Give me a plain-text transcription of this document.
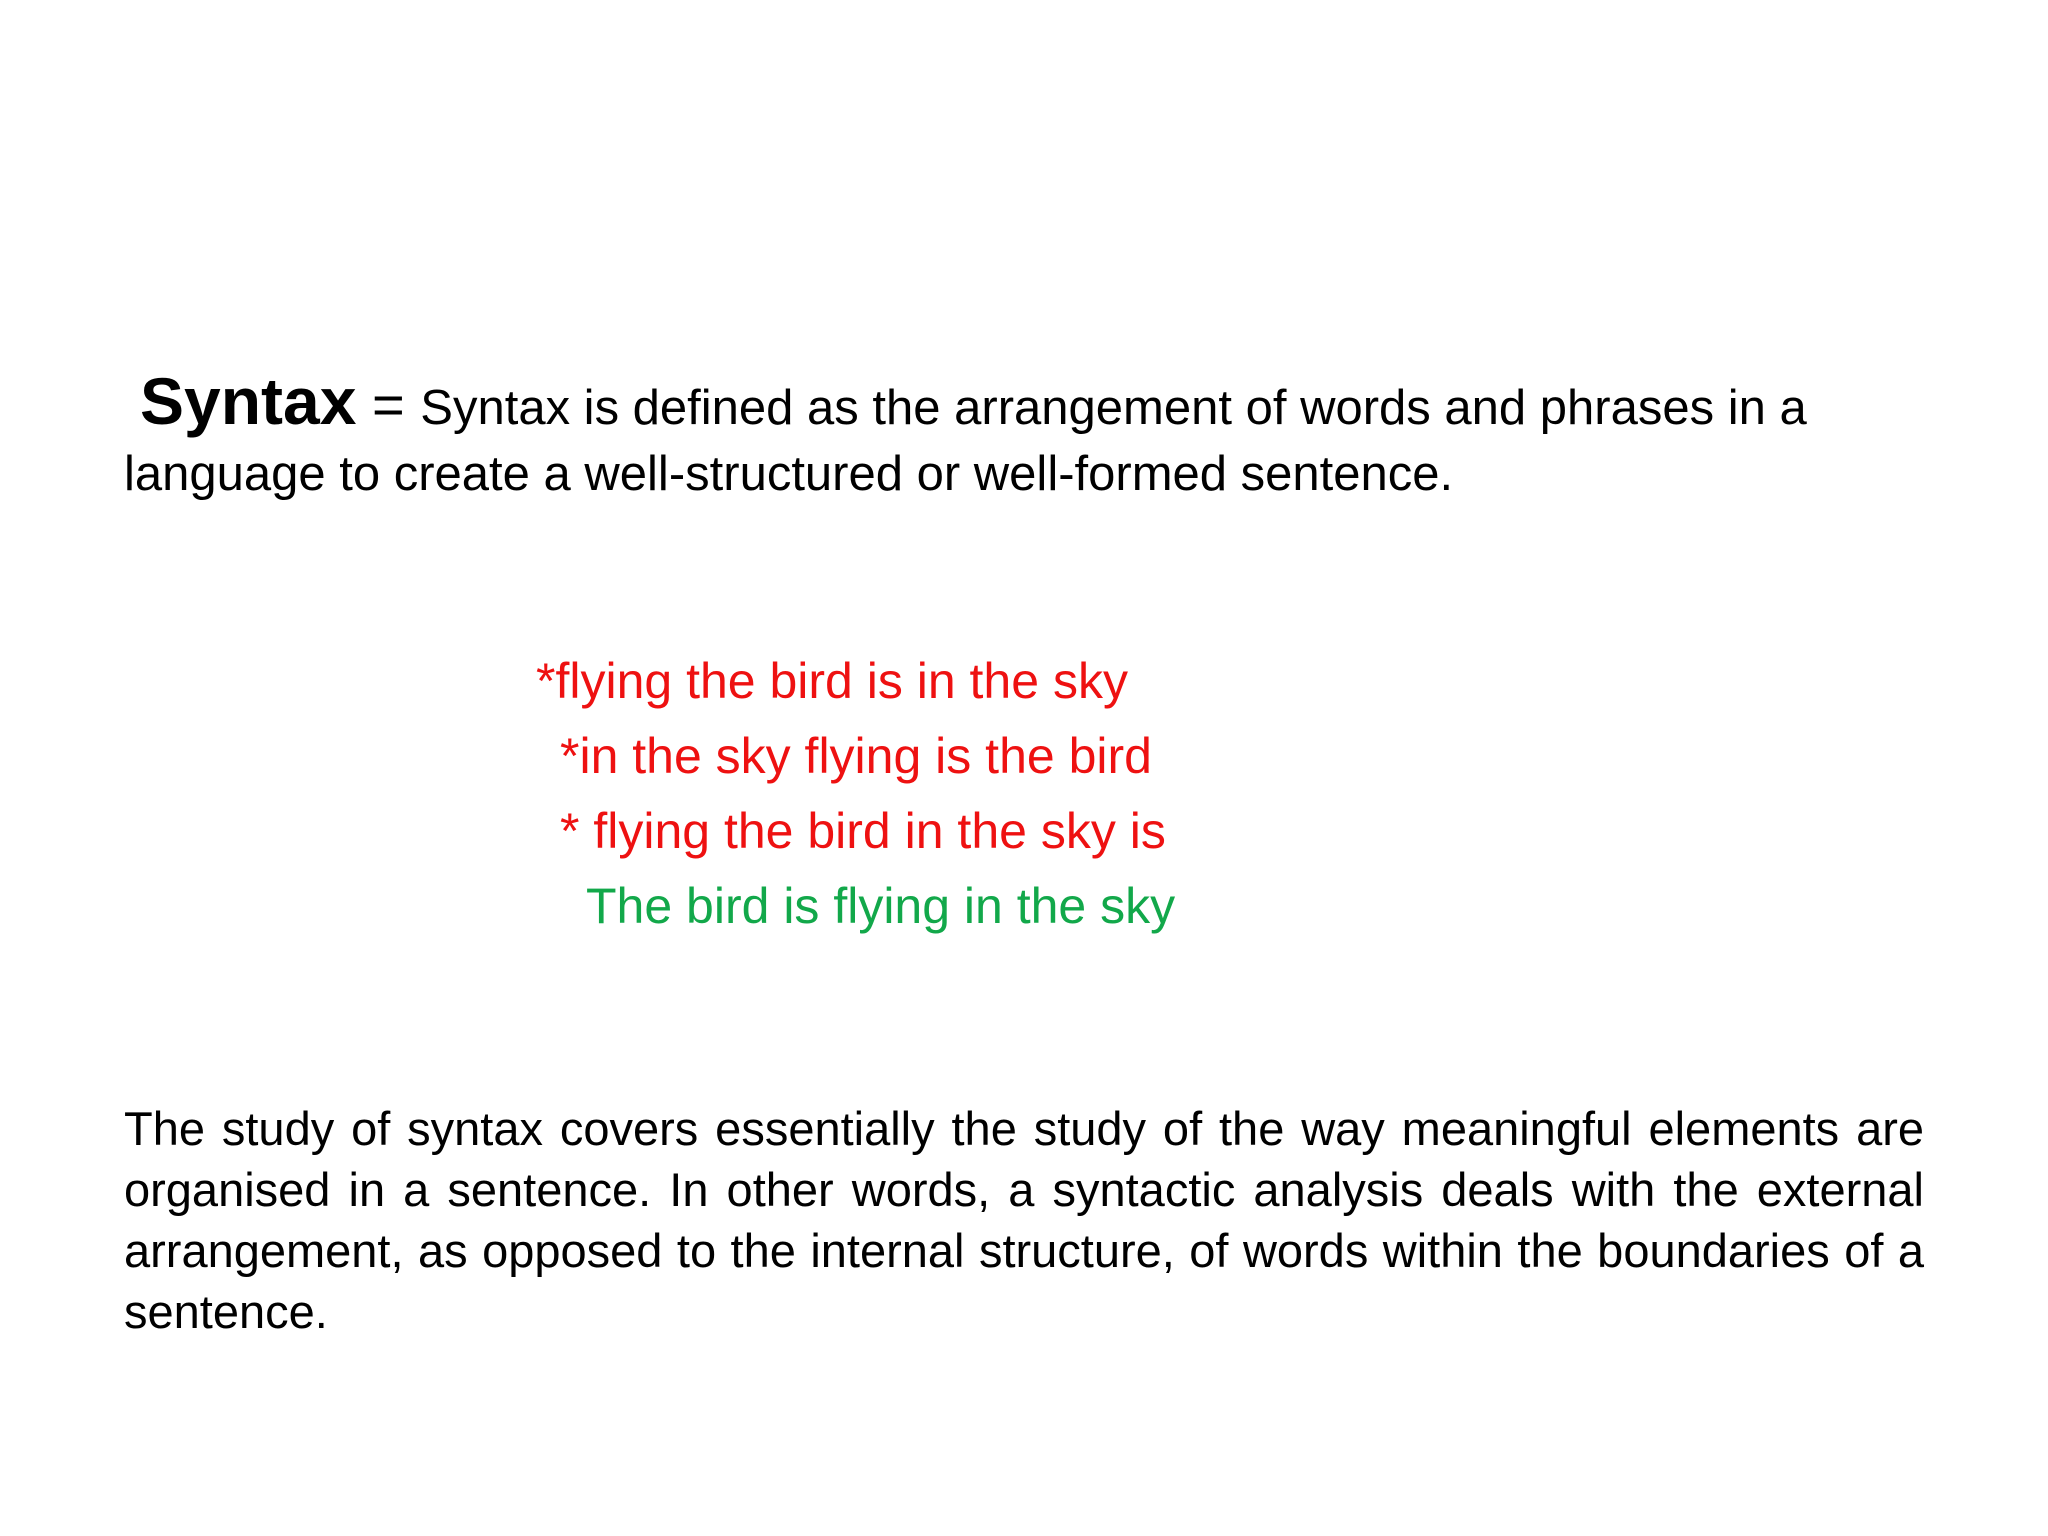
Syntax = Syntax is defined as the arrangement of words and phrases in a language to create a well-structured or well-formed sentence.

*flying the bird is in the sky
*in the sky flying is the bird
* flying the bird in the sky is
The bird is flying in the sky

The study of syntax covers essentially the study of the way meaningful elements are organised in a sentence. In other words, a syntactic analysis deals with the external arrangement, as opposed to the internal structure, of words within the boundaries of a sentence.
